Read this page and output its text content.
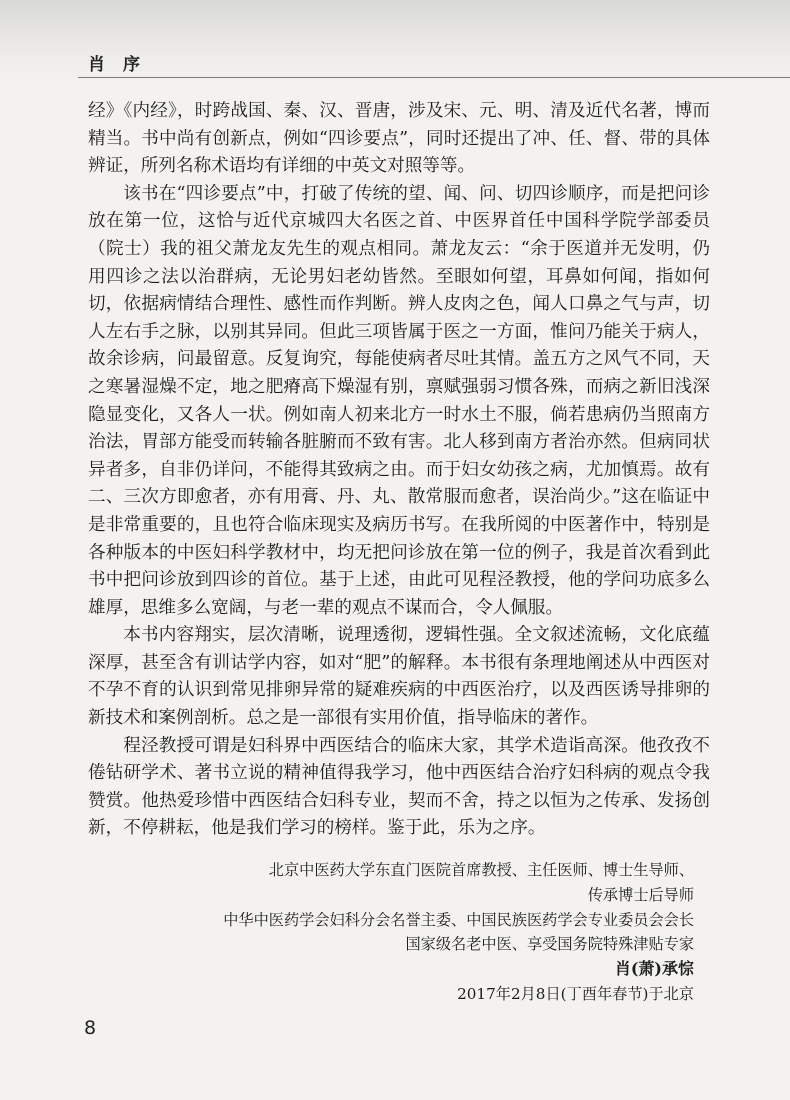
肖序

经》《内经》，时跨战国、秦、汉、晋唐，涉及宋、元、明、清及近代名著，博而精当。书中尚有创新点，例如“四诊要点”，同时还提出了冲、任、督、带的具体辨证，所列名称术语均有详细的中英文对照等等。

该书在“四诊要点”中，打破了传统的望、闻、问、切四诊顺序，而是把问诊放在第一位，这恰与近代京城四大名医之首、中医界首任中国科学院学部委员（院士）我的祖父萧龙友先生的观点相同。萧龙友云：“余于医道并无发明，仍用四诊之法以治群病，无论男妇老幼皆然。至眼如何望，耳鼻如何闻，指如何切，依据病情结合理性、感性而作判断。辨人皮肉之色，闻人口鼻之气与声，切人左右手之脉，以别其异同。但此三项皆属于医之一方面，惟问乃能关于病人，故余诊病，问最留意。反复询究，每能使病者尽吐其情。盖五方之风气不同，天之寒暑湿燥不定，地之肥瘠高下燥湿有别，禀赋强弱习惯各殊，而病之新旧浅深隐显变化，又各人一状。例如南人初来北方一时水土不服，倘若患病仍当照南方治法，胃部方能受而转输各脏腑而不致有害。北人移到南方者治亦然。但病同状异者多，自非仍详问，不能得其致病之由。而于妇女幼孩之病，尤加慎焉。故有二、三次方即愈者，亦有用膏、丹、丸、散常服而愈者，误治尚少。”这在临证中是非常重要的，且也符合临床现实及病历书写。在我所阅的中医著作中，特别是各种版本的中医妇科学教材中，均无把问诊放在第一位的例子，我是首次看到此书中把问诊放到四诊的首位。基于上述，由此可见程泾教授，他的学问功底多么雄厚，思维多么宽阔，与老一辈的观点不谋而合，令人佩服。

本书内容翔实，层次清晰，说理透彻，逻辑性强。全文叙述流畅，文化底蕴深厚，甚至含有训诂学内容，如对“肥”的解释。本书很有条理地阐述从中西医对不孕不育的认识到常见排卵异常的疑难疾病的中西医治疗，以及西医诱导排卵的新技术和案例剖析。总之是一部很有实用价值，指导临床的著作。

程泾教授可谓是妇科界中西医结合的临床大家，其学术造诣高深。他孜孜不倦钻研学术、著书立说的精神值得我学习，他中西医结合治疗妇科病的观点令我赞赏。他热爱珍惜中西医结合妇科专业，契而不舍，持之以恒为之传承、发扬创新，不停耕耘，他是我们学习的榜样。鉴于此，乐为之序。

北京中医药大学东直门医院首席教授、主任医师、博士生导师、
传承博士后导师
中华中医药学会妇科分会名誉主委、中国民族医药学会专业委员会会长
国家级名老中医、享受国务院特殊津贴专家
肖(萧)承悰
2017年2月8日(丁酉年春节)于北京
8
